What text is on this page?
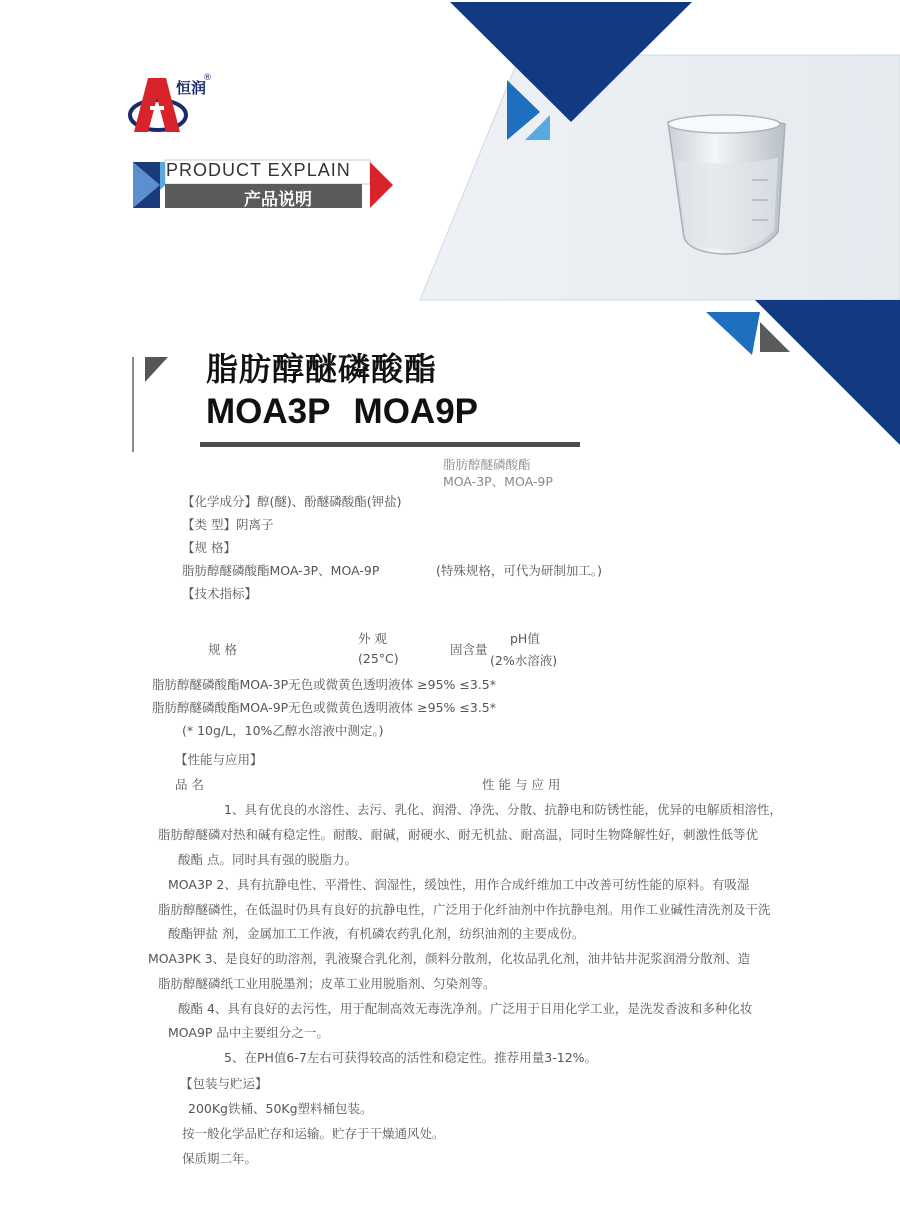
恒润
®
PRODUCT EXPLAIN
产品说明
脂肪醇醚磷酸酯
MOA3P MOA9P
脂肪醇醚磷酸酯
MOA-3P、MOA-9P
【化学成分】醇(醚)、酚醚磷酸酯(钾盐)
【类 型】阴离子
【规 格】
脂肪醇醚磷酸酯MOA-3P、MOA-9P	(特殊规格，可代为研制加工。)
【技术指标】
规 格
外 观
(25°C)
固含量
pH值
(2%水溶液)
脂肪醇醚磷酸酯MOA-3P无色或微黄色透明液体 ≥95% ≤3.5*
脂肪醇醚磷酸酯MOA-9P无色或微黄色透明液体 ≥95% ≤3.5*
(* 10g/L，10%乙醇水溶液中测定。)
【性能与应用】
品 名	性 能 与 应 用
1、具有优良的水溶性、去污、乳化、润滑、净洗、分散、抗静电和防锈性能，优异的电解质相溶性，
脂肪醇醚磷对热和碱有稳定性。耐酸、耐碱，耐硬水、耐无机盐、耐高温，同时生物降解性好，刺激性低等优
酸酯 点。同时具有强的脱脂力。
MOA3P 2、具有抗静电性、平滑性、润湿性，缓蚀性，用作合成纤维加工中改善可纺性能的原料。有吸湿
脂肪醇醚磷性，在低温时仍具有良好的抗静电性，广泛用于化纤油剂中作抗静电剂。用作工业碱性清洗剂及干洗
酸酯钾盐 剂，金属加工工作液，有机磷农药乳化剂，纺织油剂的主要成份。
MOA3PK 3、是良好的助溶剂，乳液聚合乳化剂，颜料分散剂，化妆品乳化剂，油井钻井泥浆润滑分散剂、造
脂肪醇醚磷纸工业用脱墨剂；皮革工业用脱脂剂、匀染剂等。
酸酯 4、具有良好的去污性，用于配制高效无毒洗净剂。广泛用于日用化学工业，是洗发香波和多种化妆
MOA9P 品中主要组分之一。
5、在PH值6-7左右可获得较高的活性和稳定性。推荐用量3-12%。
【包装与贮运】
200Kg铁桶、50Kg塑料桶包装。
按一般化学品贮存和运输。贮存于干燥通风处。
保质期二年。
